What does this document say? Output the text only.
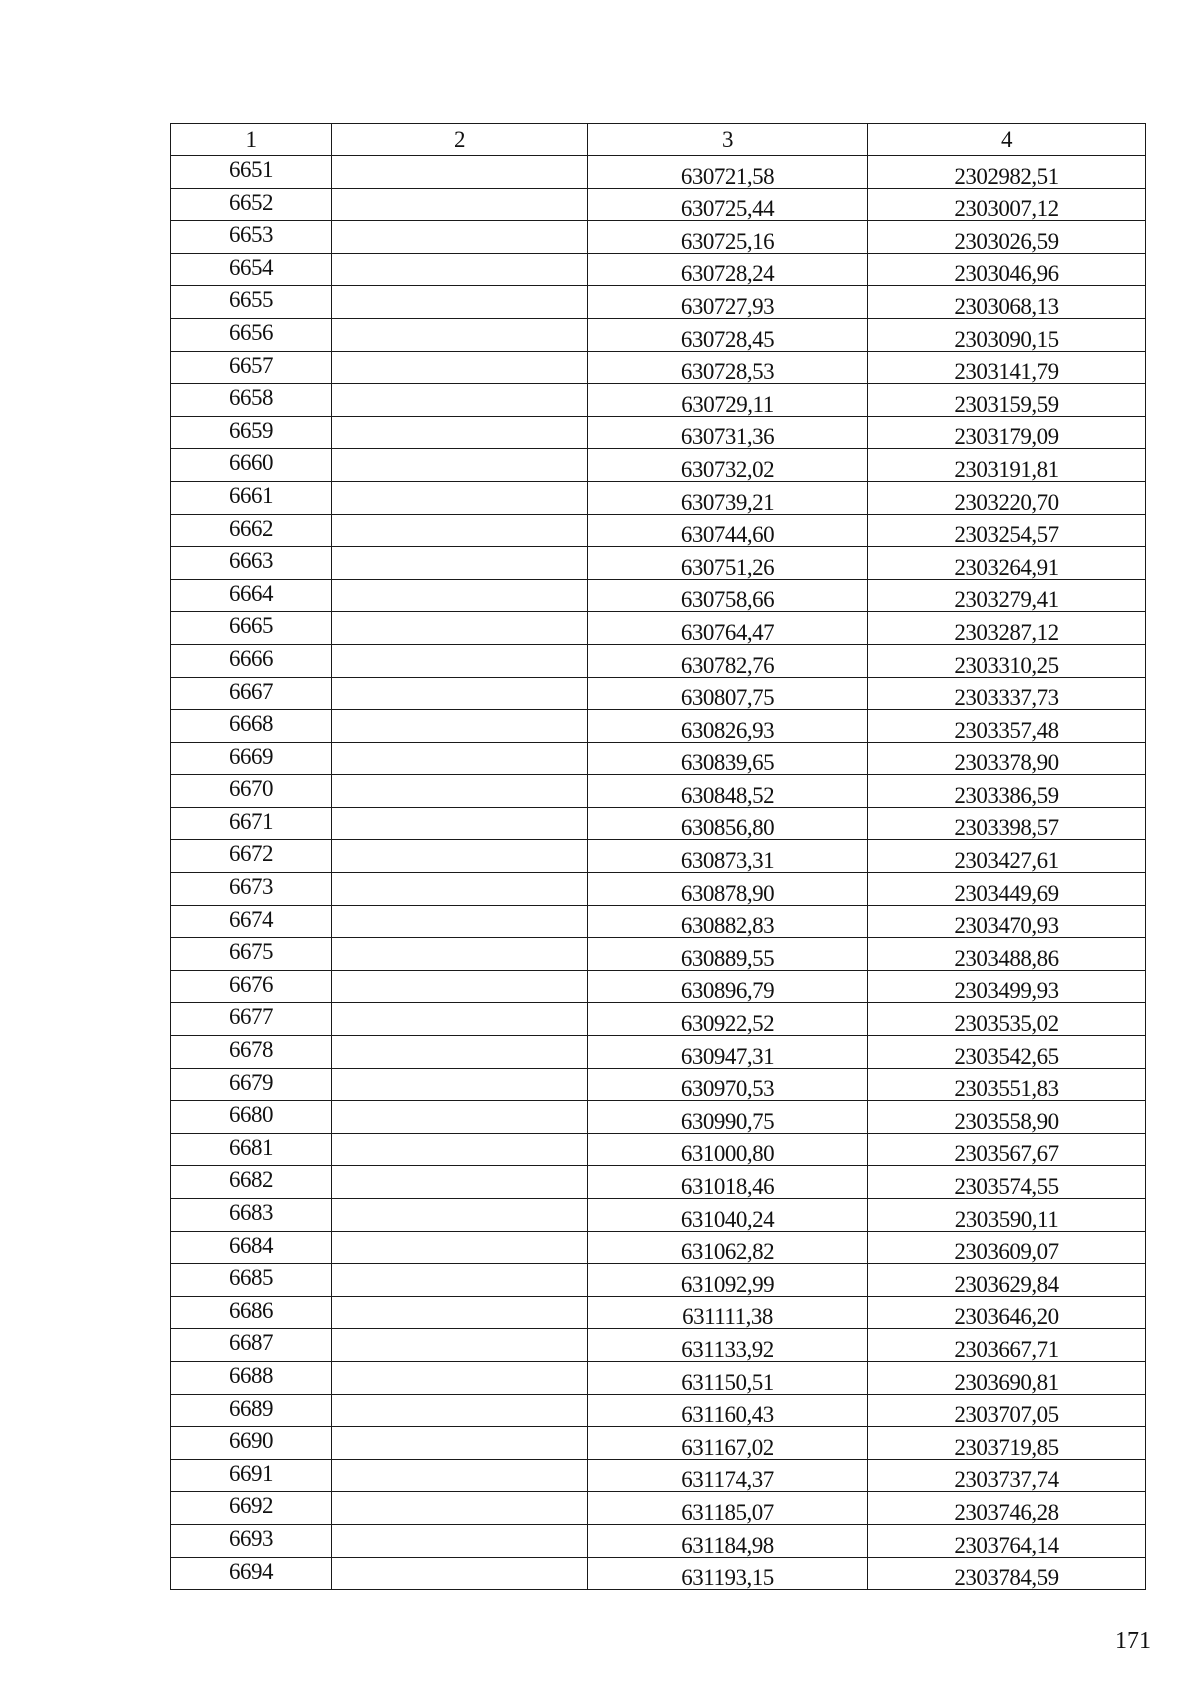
1	2	3	4
6651		630721,58	2302982,51
6652		630725,44	2303007,12
6653		630725,16	2303026,59
6654		630728,24	2303046,96
6655		630727,93	2303068,13
6656		630728,45	2303090,15
6657		630728,53	2303141,79
6658		630729,11	2303159,59
6659		630731,36	2303179,09
6660		630732,02	2303191,81
6661		630739,21	2303220,70
6662		630744,60	2303254,57
6663		630751,26	2303264,91
6664		630758,66	2303279,41
6665		630764,47	2303287,12
6666		630782,76	2303310,25
6667		630807,75	2303337,73
6668		630826,93	2303357,48
6669		630839,65	2303378,90
6670		630848,52	2303386,59
6671		630856,80	2303398,57
6672		630873,31	2303427,61
6673		630878,90	2303449,69
6674		630882,83	2303470,93
6675		630889,55	2303488,86
6676		630896,79	2303499,93
6677		630922,52	2303535,02
6678		630947,31	2303542,65
6679		630970,53	2303551,83
6680		630990,75	2303558,90
6681		631000,80	2303567,67
6682		631018,46	2303574,55
6683		631040,24	2303590,11
6684		631062,82	2303609,07
6685		631092,99	2303629,84
6686		631111,38	2303646,20
6687		631133,92	2303667,71
6688		631150,51	2303690,81
6689		631160,43	2303707,05
6690		631167,02	2303719,85
6691		631174,37	2303737,74
6692		631185,07	2303746,28
6693		631184,98	2303764,14
6694		631193,15	2303784,59
171
